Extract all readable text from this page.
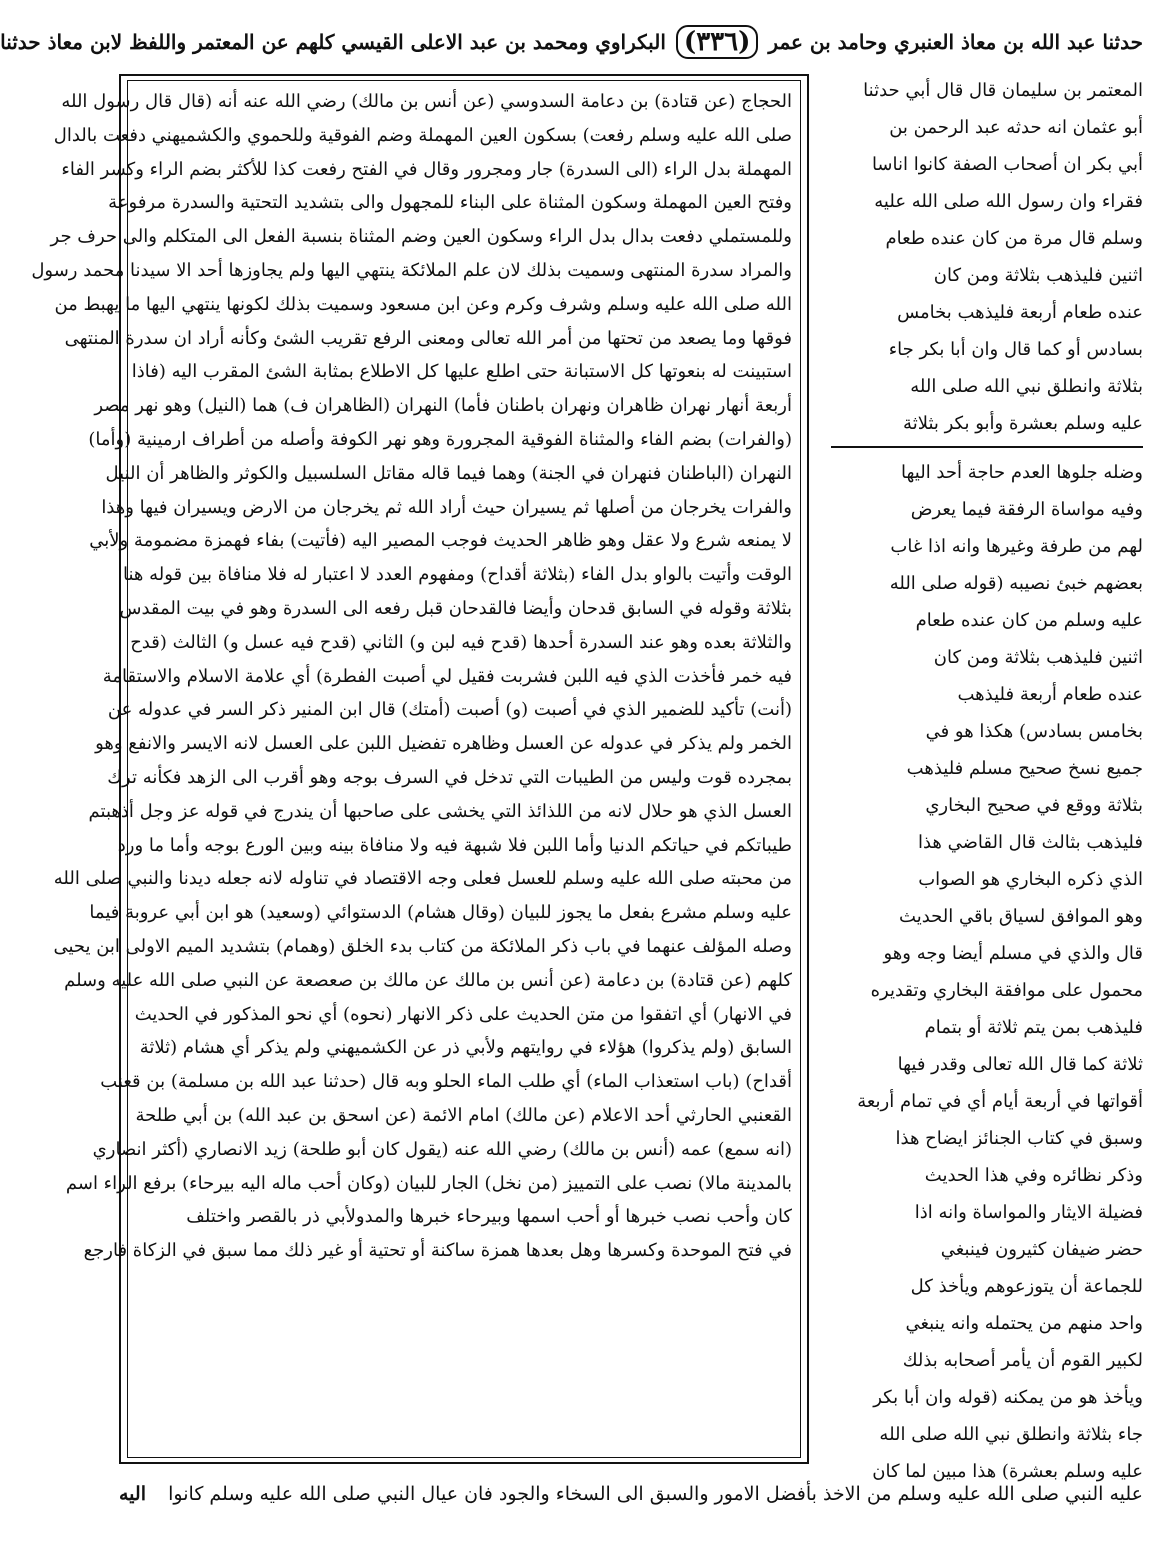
حدثنا عبد الله بن معاذ العنبري وحامد بن عمر
(٣٣٦)
البكراوي ومحمد بن عبد الاعلى القيسي كلهم عن المعتمر واللفظ لابن معاذ حدثنا
المعتمر بن سليمان قال قال أبي حدثنا
أبو عثمان انه حدثه عبد الرحمن بن
أبي بكر ان أصحاب الصفة كانوا اناسا
فقراء وان رسول الله صلى الله عليه
وسلم قال مرة من كان عنده طعام
اثنين فليذهب بثلاثة ومن كان
عنده طعام أربعة فليذهب بخامس
بسادس أو كما قال وان أبا بكر جاء
بثلاثة وانطلق نبي الله صلى الله
عليه وسلم بعشرة وأبو بكر بثلاثة
وضله جلوها العدم حاجة أحد اليها
وفيه مواساة الرفقة فيما يعرض
لهم من طرفة وغيرها وانه اذا غاب
بعضهم خبئ نصيبه (قوله صلى الله
عليه وسلم من كان عنده طعام
اثنين فليذهب بثلاثة ومن كان
عنده طعام أربعة فليذهب
بخامس بسادس) هكذا هو في
جميع نسخ صحيح مسلم فليذهب
بثلاثة ووقع في صحيح البخاري
فليذهب بثالث قال القاضي هذا
الذي ذكره البخاري هو الصواب
وهو الموافق لسياق باقي الحديث
قال والذي في مسلم أيضا وجه وهو
محمول على موافقة البخاري وتقديره
فليذهب بمن يتم ثلاثة أو بتمام
ثلاثة كما قال الله تعالى وقدر فيها
أقواتها في أربعة أيام أي في تمام أربعة
وسبق في كتاب الجنائز ايضاح هذا
وذكر نظائره وفي هذا الحديث
فضيلة الايثار والمواساة وانه اذا
حضر ضيفان كثيرون فينبغي
للجماعة أن يتوزعوهم ويأخذ كل
واحد منهم من يحتمله وانه ينبغي
لكبير القوم أن يأمر أصحابه بذلك
ويأخذ هو من يمكنه (قوله وان أبا بكر
جاء بثلاثة وانطلق نبي الله صلى الله
عليه وسلم بعشرة) هذا مبين لما كان
الحجاج (عن قتادة) بن دعامة السدوسي (عن أنس بن مالك) رضي الله عنه أنه (قال قال رسول الله
صلى الله عليه وسلم رفعت) بسكون العين المهملة وضم الفوقية وللحموي والكشميهني دفعت بالدال
المهملة بدل الراء (الى السدرة) جار ومجرور وقال في الفتح رفعت كذا للأكثر بضم الراء وكسر الفاء
وفتح العين المهملة وسكون المثناة على البناء للمجهول والى بتشديد التحتية والسدرة مرفوعة
وللمستملي دفعت بدال بدل الراء وسكون العين وضم المثناة بنسبة الفعل الى المتكلم والى حرف جر
والمراد سدرة المنتهى وسميت بذلك لان علم الملائكة ينتهي اليها ولم يجاوزها أحد الا سيدنا محمد رسول
الله صلى الله عليه وسلم وشرف وكرم وعن ابن مسعود وسميت بذلك لكونها ينتهي اليها ما يهبط من
فوقها وما يصعد من تحتها من أمر الله تعالى ومعنى الرفع تقريب الشئ وكأنه أراد ان سدرة المنتهى
استبينت له بنعوتها كل الاستبانة حتى اطلع عليها كل الاطلاع بمثابة الشئ المقرب اليه (فاذا
أربعة أنهار نهران ظاهران ونهران باطنان فأما) النهران (الظاهران ف) هما (النيل) وهو نهر مصر
(والفرات) بضم الفاء والمثناة الفوقية المجرورة وهو نهر الكوفة وأصله من أطراف ارمينية (وأما)
النهران (الباطنان فنهران في الجنة) وهما فيما قاله مقاتل السلسبيل والكوثر والظاهر أن النيل
والفرات يخرجان من أصلها ثم يسيران حيث أراد الله ثم يخرجان من الارض ويسيران فيها وهذا
لا يمنعه شرع ولا عقل وهو ظاهر الحديث فوجب المصير اليه (فأتيت) بفاء فهمزة مضمومة ولأبي
الوقت وأتيت بالواو بدل الفاء (بثلاثة أقداح) ومفهوم العدد لا اعتبار له فلا منافاة بين قوله هنا
بثلاثة وقوله في السابق قدحان وأيضا فالقدحان قبل رفعه الى السدرة وهو في بيت المقدس
والثلاثة بعده وهو عند السدرة أحدها (قدح فيه لبن و) الثاني (قدح فيه عسل و) الثالث (قدح
فيه خمر فأخذت الذي فيه اللبن فشربت فقيل لي أصبت الفطرة) أي علامة الاسلام والاستقامة
(أنت) تأكيد للضمير الذي في أصبت (و) أصبت (أمتك) قال ابن المنير ذكر السر في عدوله عن
الخمر ولم يذكر في عدوله عن العسل وظاهره تفضيل اللبن على العسل لانه الايسر والانفع وهو
بمجرده قوت وليس من الطيبات التي تدخل في السرف بوجه وهو أقرب الى الزهد فكأنه ترك
العسل الذي هو حلال لانه من اللذائذ التي يخشى على صاحبها أن يندرج في قوله عز وجل أذهبتم
طيباتكم في حياتكم الدنيا وأما اللبن فلا شبهة فيه ولا منافاة بينه وبين الورع بوجه وأما ما ورد
من محبته صلى الله عليه وسلم للعسل فعلى وجه الاقتصاد في تناوله لانه جعله ديدنا والنبي صلى الله
عليه وسلم مشرع بفعل ما يجوز للبيان (وقال هشام) الدستوائي (وسعيد) هو ابن أبي عروبة فيما
وصله المؤلف عنهما في باب ذكر الملائكة من كتاب بدء الخلق (وهمام) بتشديد الميم الاولى ابن يحيى
كلهم (عن قتادة) بن دعامة (عن أنس بن مالك عن مالك بن صعصعة عن النبي صلى الله عليه وسلم
في الانهار) أي اتفقوا من متن الحديث على ذكر الانهار (نحوه) أي نحو المذكور في الحديث
السابق (ولم يذكروا) هؤلاء في روايتهم ولأبي ذر عن الكشميهني ولم يذكر أي هشام (ثلاثة
أقداح) (باب استعذاب الماء) أي طلب الماء الحلو وبه قال (حدثنا عبد الله بن مسلمة) بن قعنب
القعنبي الحارثي أحد الاعلام (عن مالك) امام الائمة (عن اسحق بن عبد الله) بن أبي طلحة
(انه سمع) عمه (أنس بن مالك) رضي الله عنه (يقول كان أبو طلحة) زيد الانصاري (أكثر انصاري
بالمدينة مالا) نصب على التمييز (من نخل) الجار للبيان (وكان أحب ماله اليه بيرحاء) برفع الراء اسم
كان وأحب نصب خبرها أو أحب اسمها وبيرحاء خبرها والمدولأبي ذر بالقصر واختلف
في فتح الموحدة وكسرها وهل بعدها همزة ساكنة أو تحتية أو غير ذلك مما سبق في الزكاة فارجع
عليه النبي صلى الله عليه وسلم من الاخذ بأفضل الامور والسبق الى السخاء والجود فان عيال النبي صلى الله عليه وسلم كانوا
اليه
